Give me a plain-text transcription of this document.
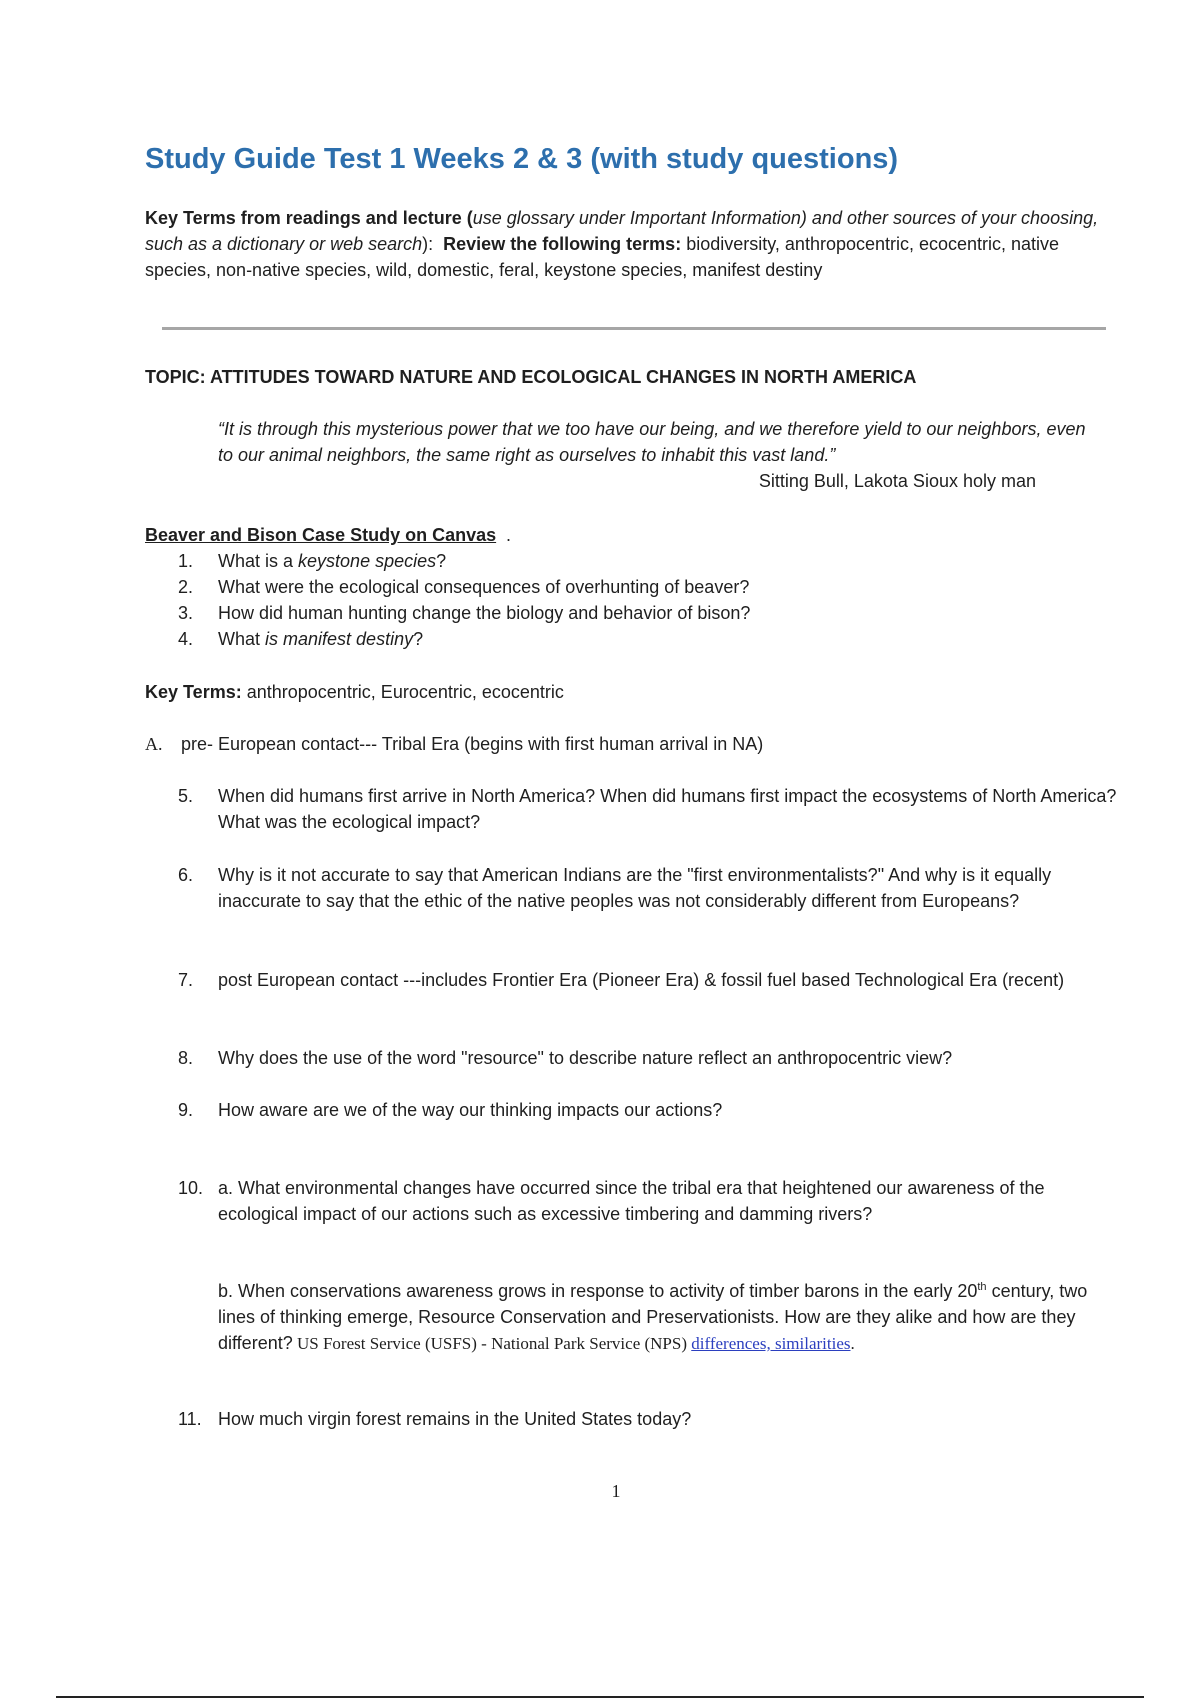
Study Guide Test 1 Weeks 2 & 3 (with study questions)

Key Terms from readings and lecture (use glossary under Important Information) and other sources of your choosing, such as a dictionary or web search): Review the following terms: biodiversity, anthropocentric, ecocentric, native species, non-native species, wild, domestic, feral, keystone species, manifest destiny

TOPIC: ATTITUDES TOWARD NATURE AND ECOLOGICAL CHANGES IN NORTH AMERICA

“It is through this mysterious power that we too have our being, and we therefore yield to our neighbors, even to our animal neighbors, the same right as ourselves to inhabit this vast land.”
Sitting Bull, Lakota Sioux holy man

Beaver and Bison Case Study on Canvas .
1.	What is a keystone species?
2.	What were the ecological consequences of overhunting of beaver?
3.	How did human hunting change the biology and behavior of bison?
4.	What is manifest destiny?

Key Terms: anthropocentric, Eurocentric, ecocentric

A.	pre- European contact--- Tribal Era (begins with first human arrival in NA)

5.	When did humans first arrive in North America? When did humans first impact the ecosystems of North America? What was the ecological impact?
6.	Why is it not accurate to say that American Indians are the "first environmentalists?" And why is it equally inaccurate to say that the ethic of the native peoples was not considerably different from Europeans?
7.	post European contact ---includes Frontier Era (Pioneer Era) & fossil fuel based Technological Era (recent)
8.	Why does the use of the word "resource" to describe nature reflect an anthropocentric view?
9.	How aware are we of the way our thinking impacts our actions?
10. a. What environmental changes have occurred since the tribal era that heightened our awareness of the ecological impact of our actions such as excessive timbering and damming rivers?

b. When conservations awareness grows in response to activity of timber barons in the early 20th century, two lines of thinking emerge, Resource Conservation and Preservationists. How are they alike and how are they different? US Forest Service (USFS) - National Park Service (NPS) differences, similarities.

11. How much virgin forest remains in the United States today?

1
